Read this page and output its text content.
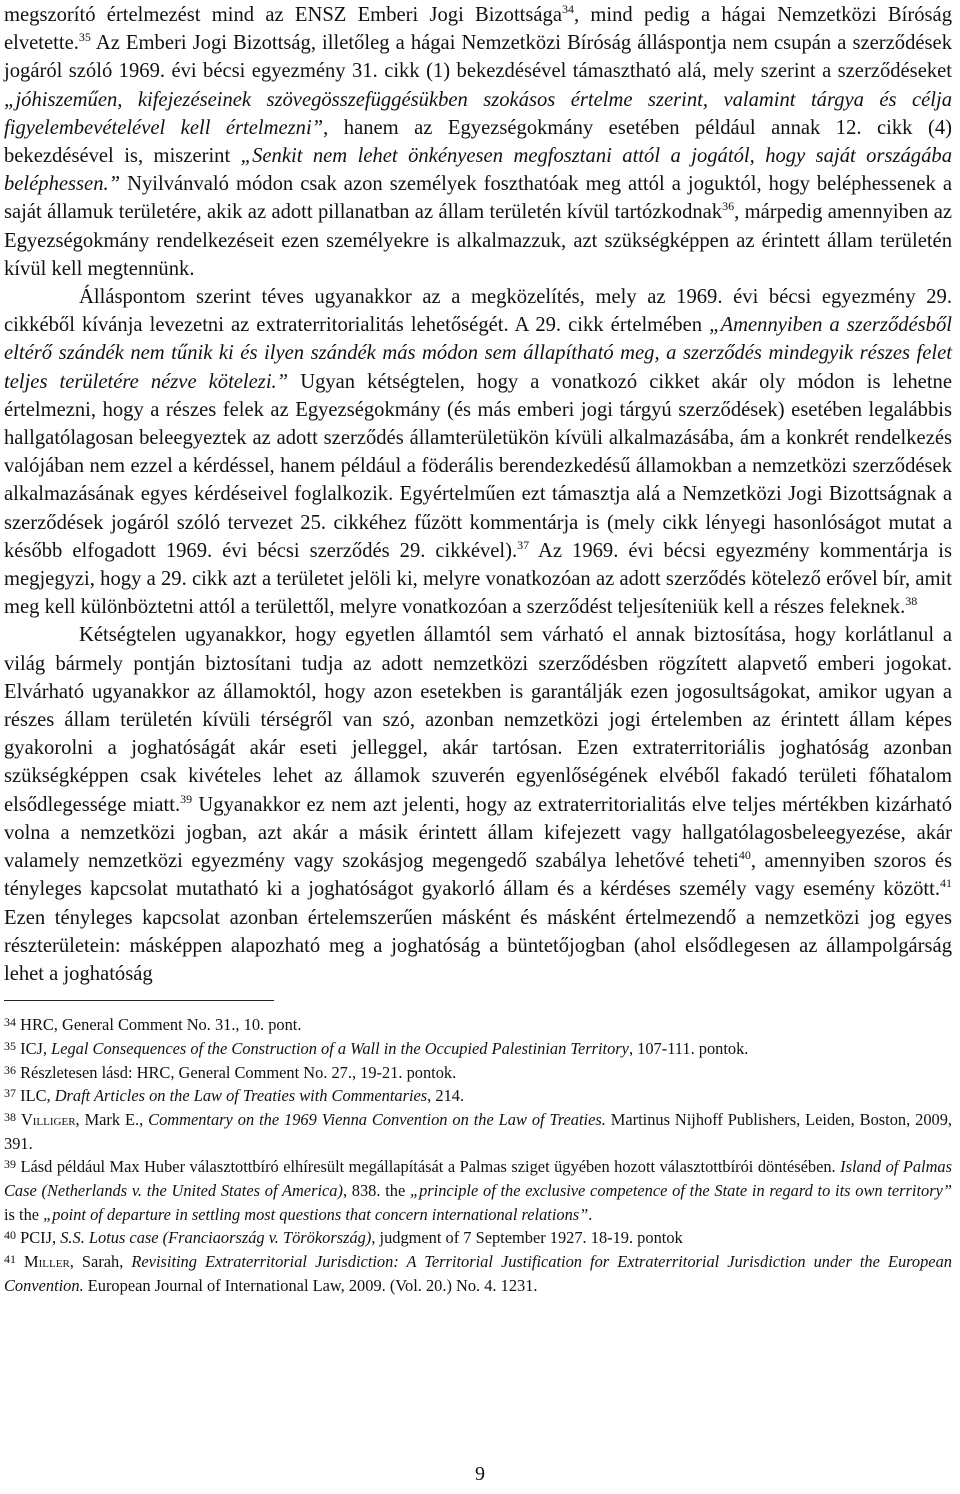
megszorító értelmezést mind az ENSZ Emberi Jogi Bizottsága$^{34}$, mind pedig a hágai Nemzetközi Bíróság elvetette.$^{35}$ Az Emberi Jogi Bizottság, illetőleg a hágai Nemzetközi Bíróság álláspontja nem csupán a szerződések jogáról szóló 1969. évi bécsi egyezmény 31. cikk (1) bekezdésével támasztható alá, mely szerint a szerződéseket „jóhiszeműen, kifejezéseinek szövegösszefüggésükben szokásos értelme szerint, valamint tárgya és célja figyelembevételével kell értelmezni”, hanem az Egyezségokmány esetében például annak 12. cikk (4) bekezdésével is, miszerint „Senkit nem lehet önkényesen megfosztani attól a jogától, hogy saját országába beléphessen.” Nyilvánvaló módon csak azon személyek foszthatóak meg attól a joguktól, hogy beléphessenek a saját államuk területére, akik az adott pillanatban az állam területén kívül tartózkodnak$^{36}$, márpedig amennyiben az Egyezségokmány rendelkezéseit ezen személyekre is alkalmazzuk, azt szükségképpen az érintett állam területén kívül kell megtennünk.

Álláspontom szerint téves ugyanakkor az a megközelítés, mely az 1969. évi bécsi egyezmény 29. cikkéből kívánja levezetni az extraterritorialitás lehetőségét. A 29. cikk értelmében „Amennyiben a szerződésből eltérő szándék nem tűnik ki és ilyen szándék más módon sem állapítható meg, a szerződés mindegyik részes felet teljes területére nézve kötelezi.” Ugyan kétségtelen, hogy a vonatkozó cikket akár oly módon is lehetne értelmezni, hogy a részes felek az Egyezségokmány (és más emberi jogi tárgyú szerződések) esetében legalábbis hallgatólagosan beleegyeztek az adott szerződés államterületükön kívüli alkalmazásába, ám a konkrét rendelkezés valójában nem ezzel a kérdéssel, hanem például a föderális berendezkedésű államokban a nemzetközi szerződések alkalmazásának egyes kérdéseivel foglalkozik. Egyértelműen ezt támasztja alá a Nemzetközi Jogi Bizottságnak a szerződések jogáról szóló tervezet 25. cikkéhez fűzött kommentárja is (mely cikk lényegi hasonlóságot mutat a később elfogadott 1969. évi bécsi szerződés 29. cikkével).$^{37}$ Az 1969. évi bécsi egyezmény kommentárja is megjegyzi, hogy a 29. cikk azt a területet jelöli ki, melyre vonatkozóan az adott szerződés kötelező erővel bír, amit meg kell különböztetni attól a területtől, melyre vonatkozóan a szerződést teljesíteniük kell a részes feleknek.$^{38}$

Kétségtelen ugyanakkor, hogy egyetlen államtól sem várható el annak biztosítása, hogy korlátlanul a világ bármely pontján biztosítani tudja az adott nemzetközi szerződésben rögzített alapvető emberi jogokat. Elvárható ugyanakkor az államoktól, hogy azon esetekben is garantálják ezen jogosultságokat, amikor ugyan a részes állam területén kívüli térségről van szó, azonban nemzetközi jogi értelemben az érintett állam képes gyakorolni a joghatóságát akár eseti jelleggel, akár tartósan. Ezen extraterritoriális joghatóság azonban szükségképpen csak kivételes lehet az államok szuverén egyenlőségének elvéből fakadó területi főhatalom elsődlegessége miatt.$^{39}$ Ugyanakkor ez nem azt jelenti, hogy az extraterritorialitás elve teljes mértékben kizárható volna a nemzetközi jogban, azt akár a másik érintett állam kifejezett vagy hallgatólagosbeleegyezése, akár valamely nemzetközi egyezmény vagy szokásjog megengedő szabálya lehetővé teheti$^{40}$, amennyiben szoros és tényleges kapcsolat mutatható ki a joghatóságot gyakorló állam és a kérdéses személy vagy esemény között.$^{41}$ Ezen tényleges kapcsolat azonban értelemszerűen másként és másként értelmezendő a nemzetközi jog egyes részterületein: másképpen alapozható meg a joghatóság a büntetőjogban (ahol elsődlegesen az állampolgárság lehet a joghatóság

$^{34}$ HRC, General Comment No. 31., 10. pont.

$^{35}$ ICJ, Legal Consequences of the Construction of a Wall in the Occupied Palestinian Territory, 107-111. pontok.

$^{36}$ Részletesen lásd: HRC, General Comment No. 27., 19-21. pontok.

$^{37}$ ILC, Draft Articles on the Law of Treaties with Commentaries, 214.

$^{38}$ Villiger, Mark E., Commentary on the 1969 Vienna Convention on the Law of Treaties. Martinus Nijhoff Publishers, Leiden, Boston, 2009, 391.

$^{39}$ Lásd például Max Huber választottbíró elhíresült megállapítását a Palmas sziget ügyében hozott választottbírói döntésében. Island of Palmas Case (Netherlands v. the United States of America), 838. the „principle of the exclusive competence of the State in regard to its own territory” is the „point of departure in settling most questions that concern international relations”.

$^{40}$ PCIJ, S.S. Lotus case (Franciaország v. Törökország), judgment of 7 September 1927. 18-19. pontok

$^{41}$ Miller, Sarah, Revisiting Extraterritorial Jurisdiction: A Territorial Justification for Extraterritorial Jurisdiction under the European Convention. European Journal of International Law, 2009. (Vol. 20.) No. 4. 1231.

9
